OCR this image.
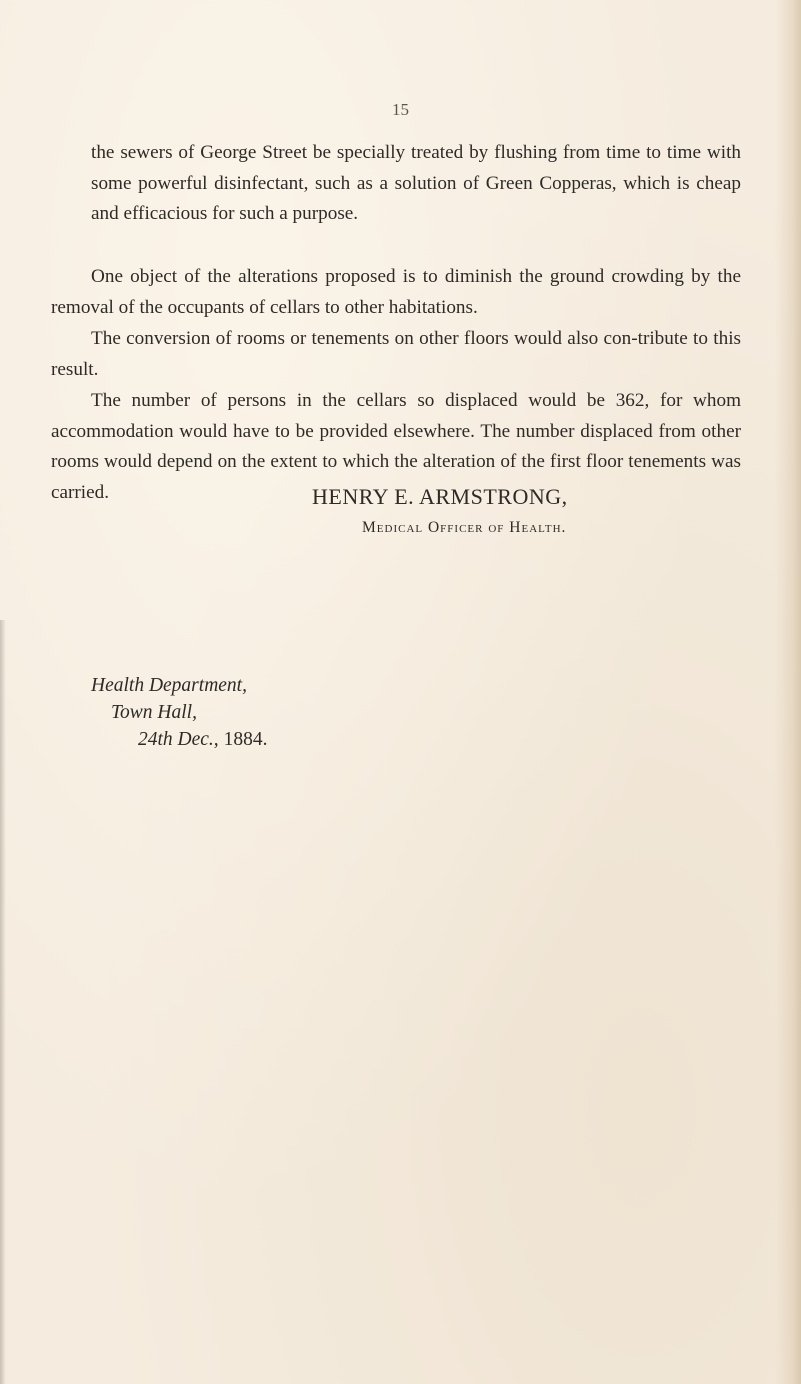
15

the sewers of George Street be specially treated by flushing from time to time with some powerful disinfectant, such as a solution of Green Copperas, which is cheap and efficacious for such a purpose.

One object of the alterations proposed is to diminish the ground crowding by the removal of the occupants of cellars to other habitations.

The conversion of rooms or tenements on other floors would also con-tribute to this result.

The number of persons in the cellars so displaced would be 362, for whom accommodation would have to be provided elsewhere. The number displaced from other rooms would depend on the extent to which the alteration of the first floor tenements was carried.	HENRY E. ARMSTRONG,
Medical Officer of Health.
Health Department,
Town Hall,
24th Dec., 1884.
